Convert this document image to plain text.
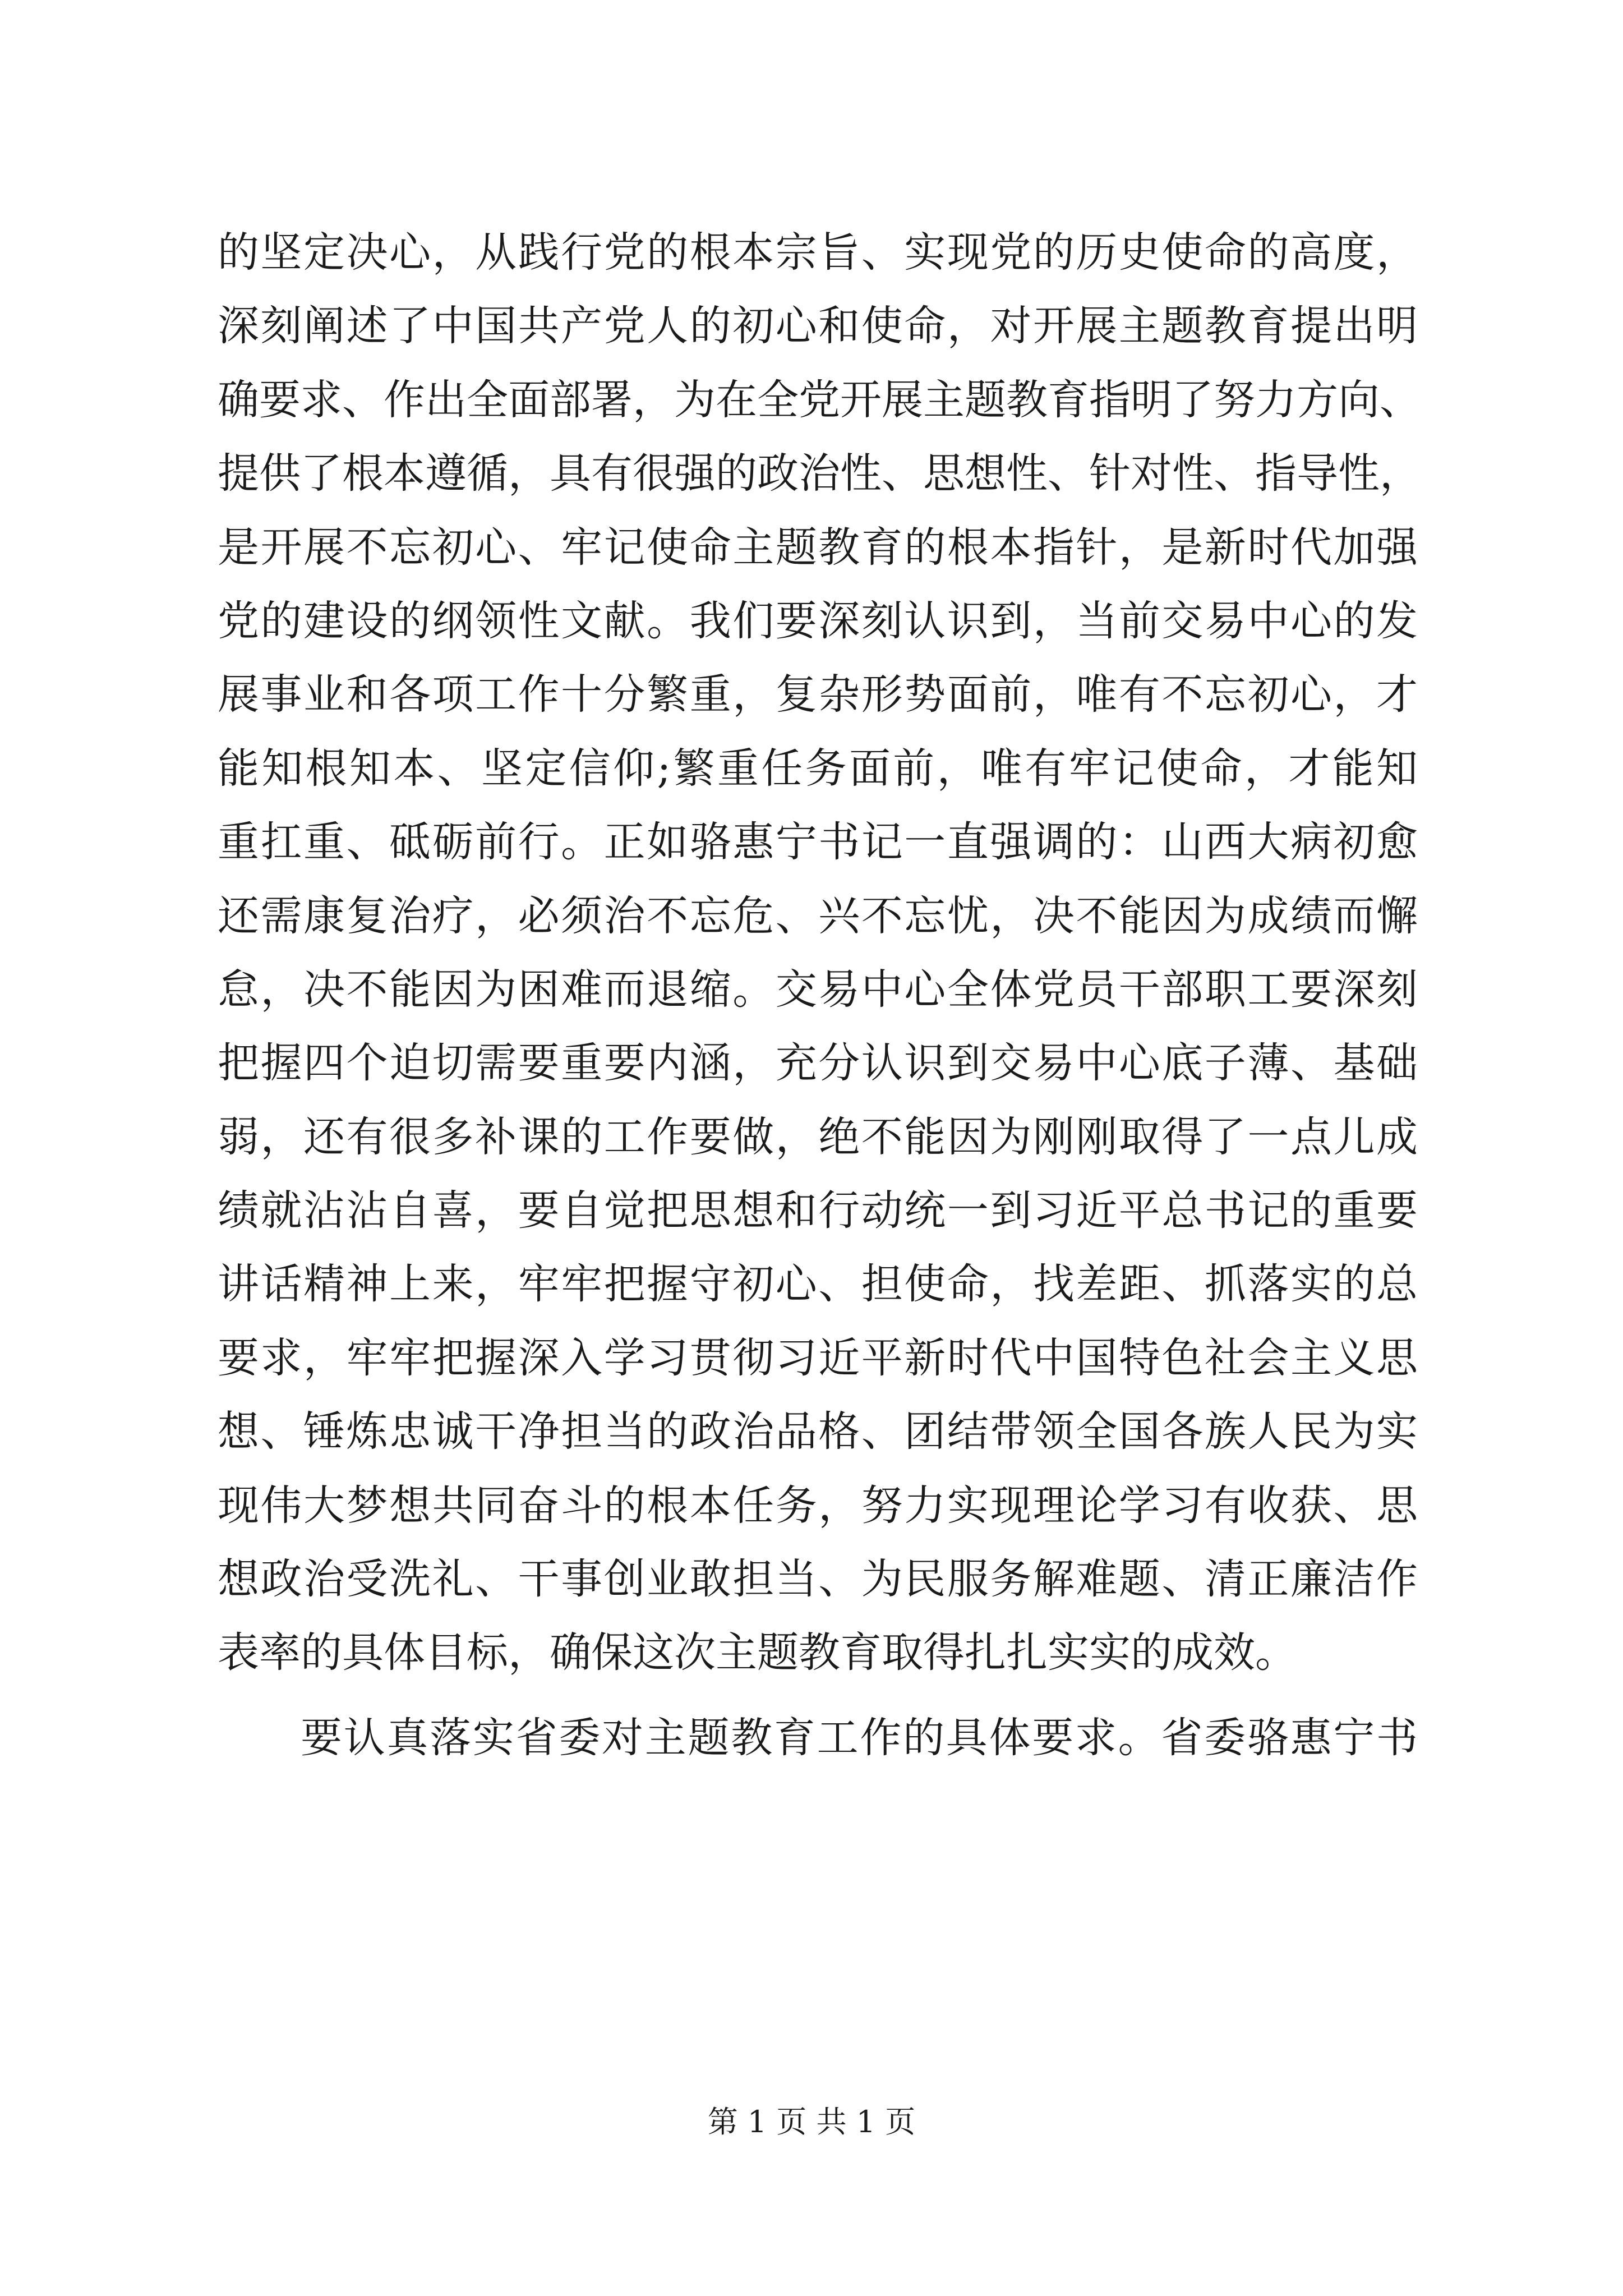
的坚定决心，从践行党的根本宗旨、实现党的历史使命的高度，
深刻阐述了中国共产党人的初心和使命，对开展主题教育提出明
确要求、作出全面部署，为在全党开展主题教育指明了努力方向、
提供了根本遵循，具有很强的政治性、思想性、针对性、指导性，
是开展不忘初心、牢记使命主题教育的根本指针，是新时代加强
党的建设的纲领性文献。我们要深刻认识到，当前交易中心的发
展事业和各项工作十分繁重，复杂形势面前，唯有不忘初心，才
能知根知本、坚定信仰;繁重任务面前，唯有牢记使命，才能知
重扛重、砥砺前行。正如骆惠宁书记一直强调的：山西大病初愈
还需康复治疗，必须治不忘危、兴不忘忧，决不能因为成绩而懈
怠，决不能因为困难而退缩。交易中心全体党员干部职工要深刻
把握四个迫切需要重要内涵，充分认识到交易中心底子薄、基础
弱，还有很多补课的工作要做，绝不能因为刚刚取得了一点儿成
绩就沾沾自喜，要自觉把思想和行动统一到习近平总书记的重要
讲话精神上来，牢牢把握守初心、担使命，找差距、抓落实的总
要求，牢牢把握深入学习贯彻习近平新时代中国特色社会主义思
想、锤炼忠诚干净担当的政治品格、团结带领全国各族人民为实
现伟大梦想共同奋斗的根本任务，努力实现理论学习有收获、思
想政治受洗礼、干事创业敢担当、为民服务解难题、清正廉洁作
表率的具体目标，确保这次主题教育取得扎扎实实的成效。
要认真落实省委对主题教育工作的具体要求。省委骆惠宁书
第 1 页 共 1 页
